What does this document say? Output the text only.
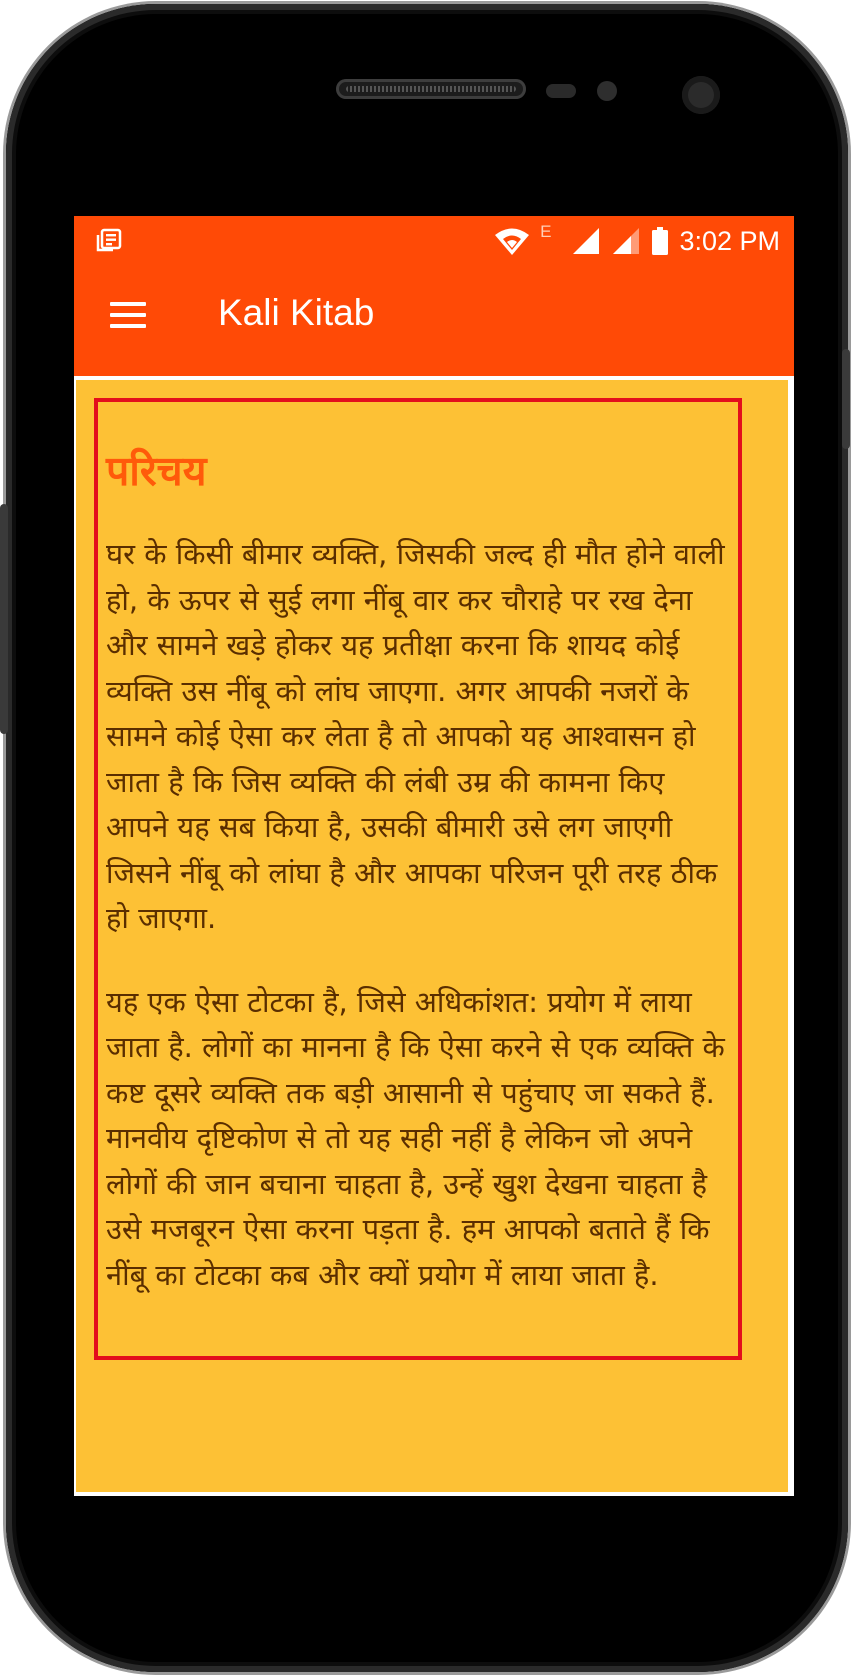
E	3:02 PM
Kali Kitab
परिचय

घर के किसी बीमार व्यक्ति, जिसकी जल्द ही मौत होने वाली हो, के ऊपर से सुई लगा नींबू वार कर चौराहे पर रख देना और सामने खड़े होकर यह प्रतीक्षा करना कि शायद कोई व्यक्ति उस नींबू को लांघ जाएगा. अगर आपकी नजरों के सामने कोई ऐसा कर लेता है तो आपको यह आश्वासन हो जाता है कि जिस व्यक्ति की लंबी उम्र की कामना किए आपने यह सब किया है, उसकी बीमारी उसे लग जाएगी जिसने नींबू को लांघा है और आपका परिजन पूरी तरह ठीक हो जाएगा.

यह एक ऐसा टोटका है, जिसे अधिकांशत: प्रयोग में लाया जाता है. लोगों का मानना है कि ऐसा करने से एक व्यक्ति के कष्ट दूसरे व्यक्ति तक बड़ी आसानी से पहुंचाए जा सकते हैं. मानवीय दृष्टिकोण से तो यह सही नहीं है लेकिन जो अपने लोगों की जान बचाना चाहता है, उन्हें खुश देखना चाहता है उसे मजबूरन ऐसा करना पड़ता है. हम आपको बताते हैं कि नींबू का टोटका कब और क्यों प्रयोग में लाया जाता है.
